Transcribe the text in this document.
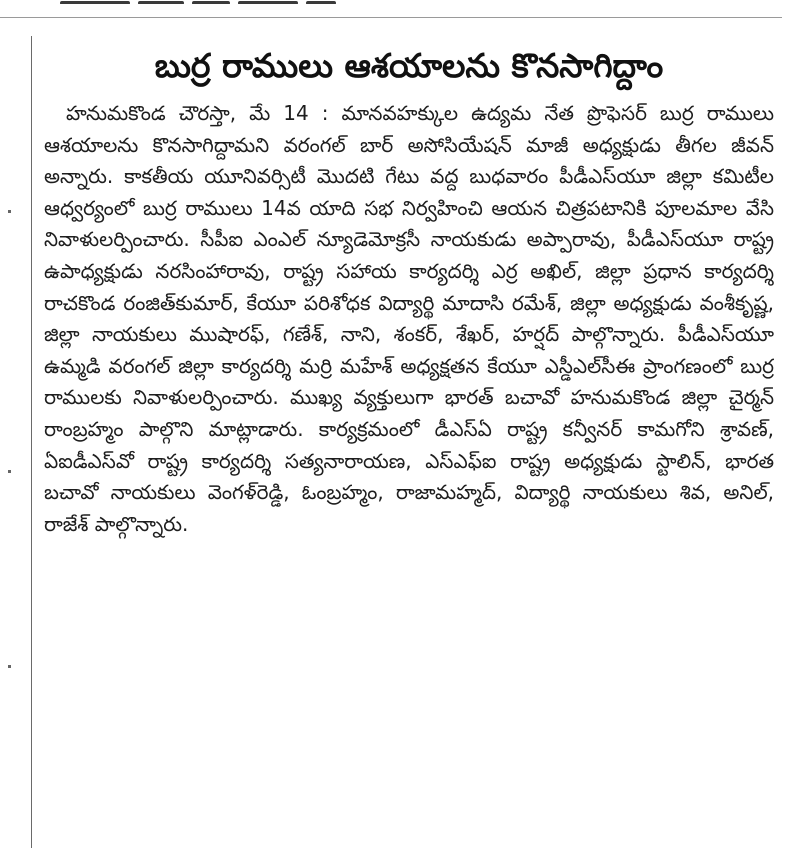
బుర్ర రాములు ఆశయాలను కొనసాగిద్దాం

హనుమకొండ చౌరస్తా, మే 14 : మానవహక్కుల ఉద్యమ నేత ప్రొఫెసర్ బుర్ర రాములు ఆశయాలను కొనసాగిద్దామని వరంగల్ బార్ అసోసియేషన్ మాజీ అధ్యక్షుడు తీగల జీవన్ అన్నారు. కాకతీయ యూనివర్సిటీ మొదటి గేటు వద్ద బుధవారం పీడీఎస్‌యూ జిల్లా కమిటీల ఆధ్వర్యంలో బుర్ర రాములు 14వ యాది సభ నిర్వహించి ఆయన చిత్రపటానికి పూలమాల వేసి నివాళులర్పించారు. సీపీఐ ఎంఎల్ న్యూడెమోక్రసీ నాయకుడు అప్పారావు, పీడీఎస్‌యూ రాష్ట్ర ఉపాధ్యక్షుడు నరసింహారావు, రాష్ట్ర సహాయ కార్యదర్శి ఎర్ర అఖిల్, జిల్లా ప్రధాన కార్యదర్శి రాచకొండ రంజిత్‌కుమార్, కేయూ పరిశోధక విద్యార్థి మాదాసి రమేశ్, జిల్లా అధ్యక్షుడు వంశీకృష్ణ, జిల్లా నాయకులు ముషారఫ్, గణేశ్, నాని, శంకర్, శేఖర్, హర్షద్ పాల్గొన్నారు. పీడీఎస్‌యూ ఉమ్మడి వరంగల్ జిల్లా కార్యదర్శి మర్రి మహేశ్ అధ్యక్షతన కేయూ ఎస్డీఎల్‌సీఈ ప్రాంగణంలో బుర్ర రాములకు నివాళులర్పించారు. ముఖ్య వ్యక్తులుగా భారత్ బచావో హనుమకొండ జిల్లా చైర్మన్ రాంబ్రహ్మం పాల్గొని మాట్లాడారు. కార్యక్రమంలో డీఎస్ఏ రాష్ట్ర కన్వీనర్ కామగోని శ్రావణ్, ఏఐడీఎస్‌వో రాష్ట్ర కార్యదర్శి సత్యనారాయణ, ఎస్ఎఫ్ఐ రాష్ట్ర అధ్యక్షుడు స్టాలిన్, భారత బచావో నాయకులు వెంగళ్‌రెడ్డి, ఓంబ్రహ్మం, రాజామహ్మద్, విద్యార్థి నాయకులు శివ, అనిల్, రాజేశ్ పాల్గొన్నారు.
